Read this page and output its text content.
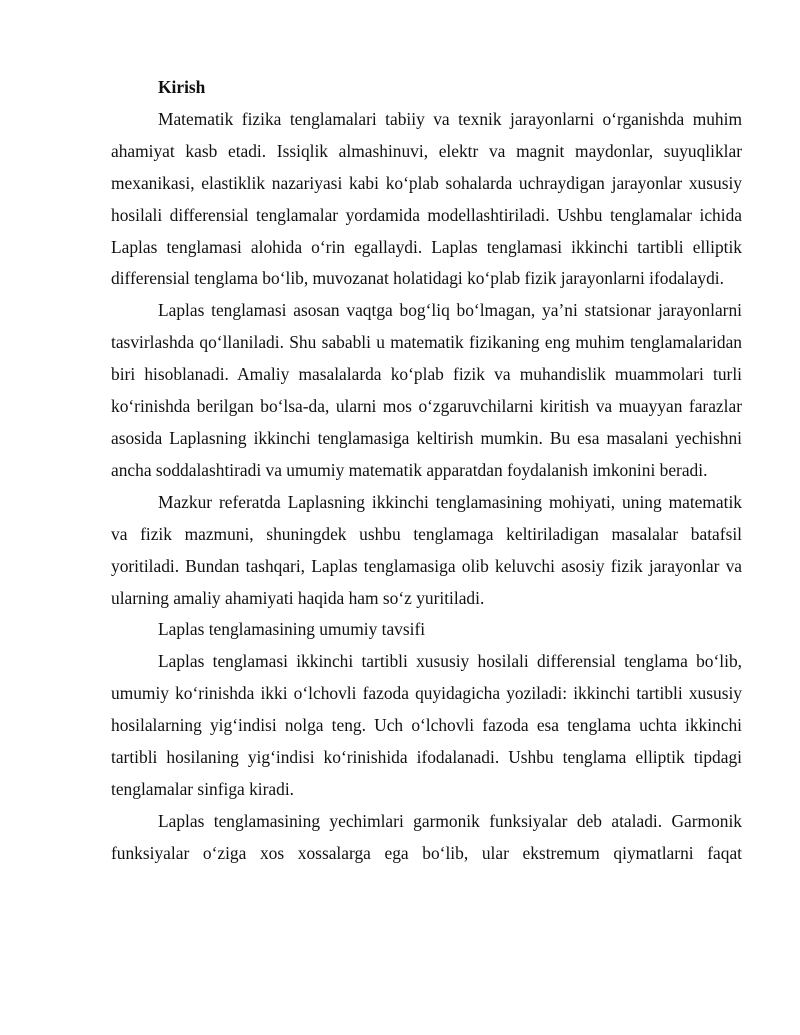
Kirish

Matematik fizika tenglamalari tabiiy va texnik jarayonlarni o‘rganishda muhim ahamiyat kasb etadi. Issiqlik almashinuvi, elektr va magnit maydonlar, suyuqliklar mexanikasi, elastiklik nazariyasi kabi ko‘plab sohalarda uchraydigan jarayonlar xususiy hosilali differensial tenglamalar yordamida modellashtiriladi. Ushbu tenglamalar ichida Laplas tenglamasi alohida o‘rin egallaydi. Laplas tenglamasi ikkinchi tartibli elliptik differensial tenglama bo‘lib, muvozanat holatidagi ko‘plab fizik jarayonlarni ifodalaydi.

Laplas tenglamasi asosan vaqtga bog‘liq bo‘lmagan, ya’ni statsionar jarayonlarni tasvirlashda qo‘llaniladi. Shu sababli u matematik fizikaning eng muhim tenglamalaridan biri hisoblanadi. Amaliy masalalarda ko‘plab fizik va muhandislik muammolari turli ko‘rinishda berilgan bo‘lsa-da, ularni mos o‘zgaruvchilarni kiritish va muayyan farazlar asosida Laplasning ikkinchi tenglamasiga keltirish mumkin. Bu esa masalani yechishni ancha soddalashtiradi va umumiy matematik apparatdan foydalanish imkonini beradi.

Mazkur referatda Laplasning ikkinchi tenglamasining mohiyati, uning matematik va fizik mazmuni, shuningdek ushbu tenglamaga keltiriladigan masalalar batafsil yoritiladi. Bundan tashqari, Laplas tenglamasiga olib keluvchi asosiy fizik jarayonlar va ularning amaliy ahamiyati haqida ham so‘z yuritiladi.

Laplas tenglamasining umumiy tavsifi

Laplas tenglamasi ikkinchi tartibli xususiy hosilali differensial tenglama bo‘lib, umumiy ko‘rinishda ikki o‘lchovli fazoda quyidagicha yoziladi: ikkinchi tartibli xususiy hosilalarning yig‘indisi nolga teng. Uch o‘lchovli fazoda esa tenglama uchta ikkinchi tartibli hosilaning yig‘indisi ko‘rinishida ifodalanadi. Ushbu tenglama elliptik tipdagi tenglamalar sinfiga kiradi.

Laplas tenglamasining yechimlari garmonik funksiyalar deb ataladi. Garmonik funksiyalar o‘ziga xos xossalarga ega bo‘lib, ular ekstremum qiymatlarni faqat
